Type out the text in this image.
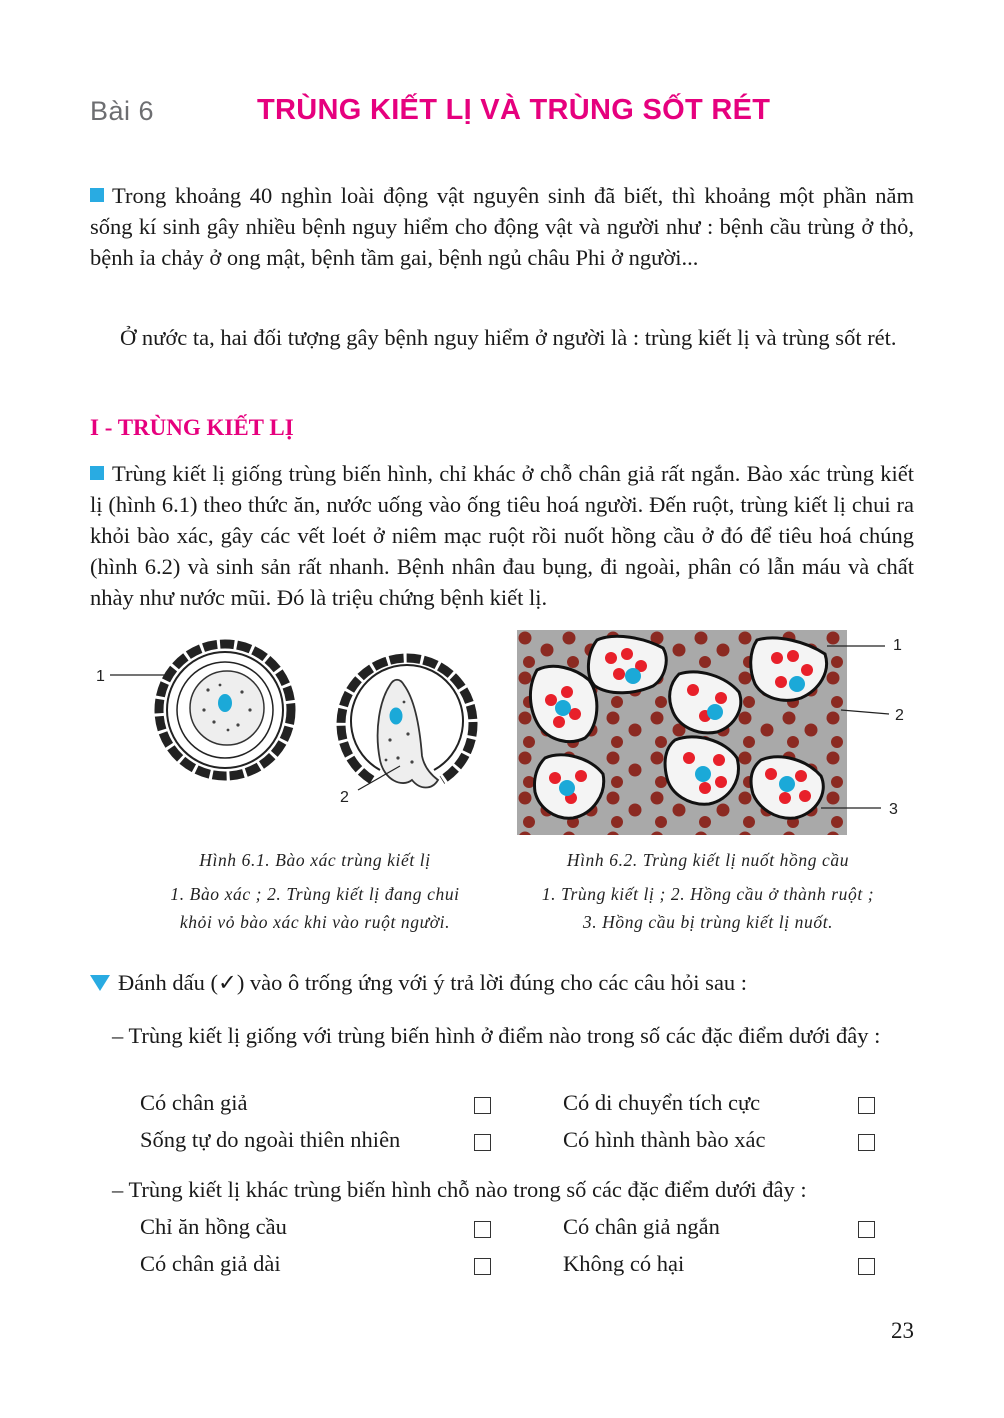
Bài 6	TRÙNG KIẾT LỊ VÀ TRÙNG SỐT RÉT

Trong khoảng 40 nghìn loài động vật nguyên sinh đã biết, thì khoảng một phần năm sống kí sinh gây nhiều bệnh nguy hiểm cho động vật và người như : bệnh cầu trùng ở thỏ, bệnh ỉa chảy ở ong mật, bệnh tầm gai, bệnh ngủ châu Phi ở người...

Ở nước ta, hai đối tượng gây bệnh nguy hiểm ở người là : trùng kiết lị và trùng sốt rét.

I - TRÙNG KIẾT LỊ

Trùng kiết lị giống trùng biến hình, chỉ khác ở chỗ chân giả rất ngắn. Bào xác trùng kiết lị (hình 6.1) theo thức ăn, nước uống vào ống tiêu hoá người. Đến ruột, trùng kiết lị chui ra khỏi bào xác, gây các vết loét ở niêm mạc ruột rồi nuốt hồng cầu ở đó để tiêu hoá chúng (hình 6.2) và sinh sản rất nhanh. Bệnh nhân đau bụng, đi ngoài, phân có lẫn máu và chất nhày như nước mũi. Đó là triệu chứng bệnh kiết lị.

1
2
1
2
3
Hình 6.1. Bào xác trùng kiết lị
1. Bào xác ; 2. Trùng kiết lị đang chui
khỏi vỏ bào xác khi vào ruột người.
Hình 6.2. Trùng kiết lị nuốt hồng cầu
1. Trùng kiết lị ; 2. Hồng cầu ở thành ruột ;
3. Hồng cầu bị trùng kiết lị nuốt.
Đánh dấu (✓) vào ô trống ứng với ý trả lời đúng cho các câu hỏi sau :

– Trùng kiết lị giống với trùng biến hình ở điểm nào trong số các đặc điểm dưới đây :

Có chân giả	Có di chuyển tích cực
Sống tự do ngoài thiên nhiên	Có hình thành bào xác
– Trùng kiết lị khác trùng biến hình chỗ nào trong số các đặc điểm dưới đây :
Chỉ ăn hồng cầu	Có chân giả ngắn
Có chân giả dài	Không có hại
23
